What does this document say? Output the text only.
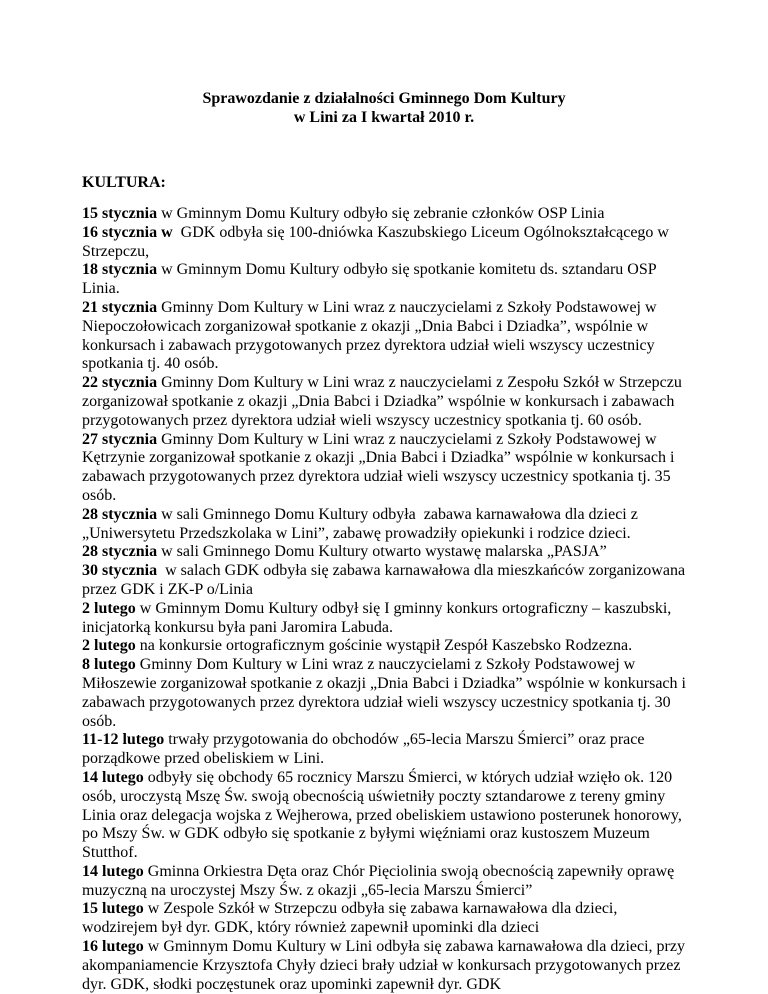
Sprawozdanie z działalności Gminnego Dom Kultury
w Lini za I kwartał 2010 r.
KULTURA:
15 stycznia w Gminnym Domu Kultury odbyło się zebranie członków OSP Linia
16 stycznia w  GDK odbyła się 100-dniówka Kaszubskiego Liceum Ogólnokształcącego w
Strzepczu,
18 stycznia w Gminnym Domu Kultury odbyło się spotkanie komitetu ds. sztandaru OSP
Linia.
21 stycznia Gminny Dom Kultury w Lini wraz z nauczycielami z Szkoły Podstawowej w
Niepoczołowicach zorganizował spotkanie z okazji „Dnia Babci i Dziadka”, wspólnie w
konkursach i zabawach przygotowanych przez dyrektora udział wieli wszyscy uczestnicy
spotkania tj. 40 osób.
22 stycznia Gminny Dom Kultury w Lini wraz z nauczycielami z Zespołu Szkół w Strzepczu
zorganizował spotkanie z okazji „Dnia Babci i Dziadka” wspólnie w konkursach i zabawach
przygotowanych przez dyrektora udział wieli wszyscy uczestnicy spotkania tj. 60 osób.
27 stycznia Gminny Dom Kultury w Lini wraz z nauczycielami z Szkoły Podstawowej w
Kętrzynie zorganizował spotkanie z okazji „Dnia Babci i Dziadka” wspólnie w konkursach i
zabawach przygotowanych przez dyrektora udział wieli wszyscy uczestnicy spotkania tj. 35
osób.
28 stycznia w sali Gminnego Domu Kultury odbyła  zabawa karnawałowa dla dzieci z
„Uniwersytetu Przedszkolaka w Lini”, zabawę prowadziły opiekunki i rodzice dzieci.
28 stycznia w sali Gminnego Domu Kultury otwarto wystawę malarska „PASJA”
30 stycznia  w salach GDK odbyła się zabawa karnawałowa dla mieszkańców zorganizowana
przez GDK i ZK-P o/Linia
2 lutego w Gminnym Domu Kultury odbył się I gminny konkurs ortograficzny – kaszubski,
inicjatorką konkursu była pani Jaromira Labuda.
2 lutego na konkursie ortograficznym gościnie wystąpił Zespół Kaszebsko Rodzezna.
8 lutego Gminny Dom Kultury w Lini wraz z nauczycielami z Szkoły Podstawowej w
Miłoszewie zorganizował spotkanie z okazji „Dnia Babci i Dziadka” wspólnie w konkursach i
zabawach przygotowanych przez dyrektora udział wieli wszyscy uczestnicy spotkania tj. 30
osób.
11-12 lutego trwały przygotowania do obchodów „65-lecia Marszu Śmierci” oraz prace
porządkowe przed obeliskiem w Lini.
14 lutego odbyły się obchody 65 rocznicy Marszu Śmierci, w których udział wzięło ok. 120
osób, uroczystą Mszę Św. swoją obecnością uświetniły poczty sztandarowe z tereny gminy
Linia oraz delegacja wojska z Wejherowa, przed obeliskiem ustawiono posterunek honorowy,
po Mszy Św. w GDK odbyło się spotkanie z byłymi więźniami oraz kustoszem Muzeum
Stutthof.
14 lutego Gminna Orkiestra Dęta oraz Chór Pięciolinia swoją obecnością zapewniły oprawę
muzyczną na uroczystej Mszy Św. z okazji „65-lecia Marszu Śmierci”
15 lutego w Zespole Szkół w Strzepczu odbyła się zabawa karnawałowa dla dzieci,
wodzirejem był dyr. GDK, który również zapewnił upominki dla dzieci
16 lutego w Gminnym Domu Kultury w Lini odbyła się zabawa karnawałowa dla dzieci, przy
akompaniamencie Krzysztofa Chyły dzieci brały udział w konkursach przygotowanych przez
dyr. GDK, słodki poczęstunek oraz upominki zapewnił dyr. GDK
